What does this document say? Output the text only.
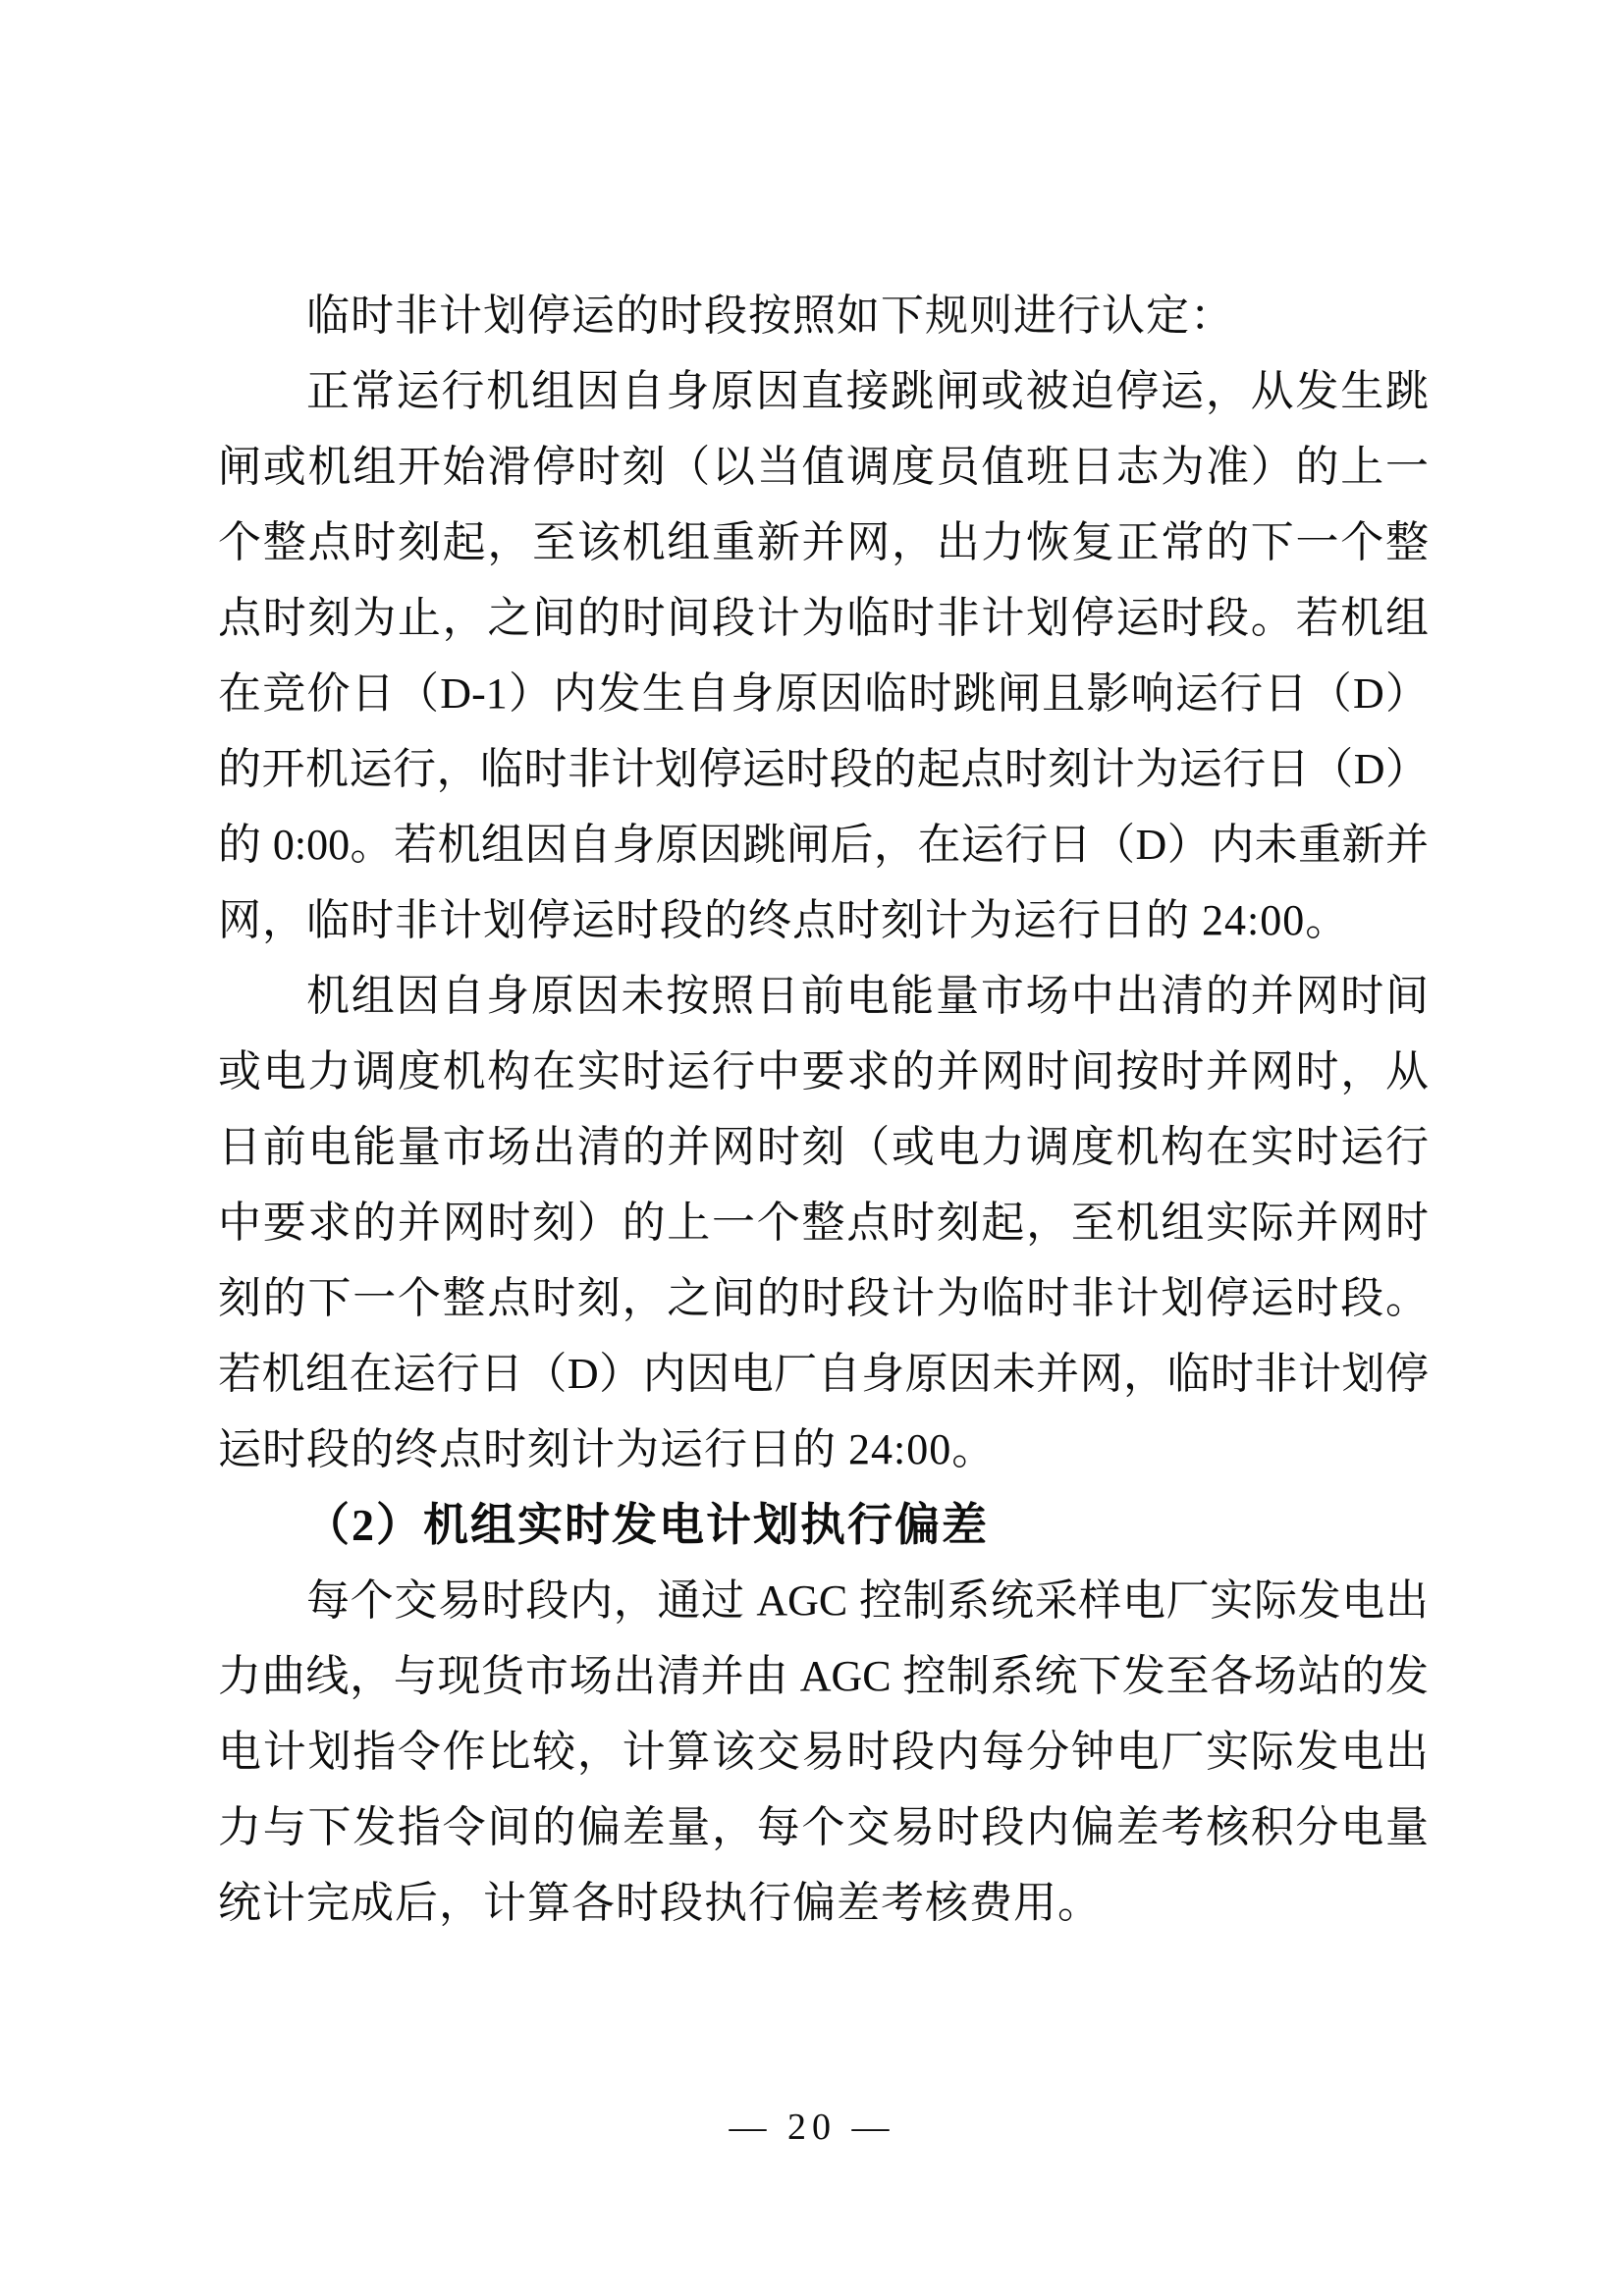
临时非计划停运的时段按照如下规则进行认定：
正常运行机组因自身原因直接跳闸或被迫停运，从发生跳
闸或机组开始滑停时刻（以当值调度员值班日志为准）的上一
个整点时刻起，至该机组重新并网，出力恢复正常的下一个整
点时刻为止，之间的时间段计为临时非计划停运时段。若机组
在竞价日（D-1）内发生自身原因临时跳闸且影响运行日（D）
的开机运行，临时非计划停运时段的起点时刻计为运行日（D）
的 0:00。若机组因自身原因跳闸后，在运行日（D）内未重新并
网，临时非计划停运时段的终点时刻计为运行日的 24:00。
机组因自身原因未按照日前电能量市场中出清的并网时间
或电力调度机构在实时运行中要求的并网时间按时并网时，从
日前电能量市场出清的并网时刻（或电力调度机构在实时运行
中要求的并网时刻）的上一个整点时刻起，至机组实际并网时
刻的下一个整点时刻，之间的时段计为临时非计划停运时段。
若机组在运行日（D）内因电厂自身原因未并网，临时非计划停
运时段的终点时刻计为运行日的 24:00。
（2）机组实时发电计划执行偏差
每个交易时段内，通过 AGC 控制系统采样电厂实际发电出
力曲线，与现货市场出清并由 AGC 控制系统下发至各场站的发
电计划指令作比较，计算该交易时段内每分钟电厂实际发电出
力与下发指令间的偏差量，每个交易时段内偏差考核积分电量
统计完成后，计算各时段执行偏差考核费用。
— 20 —
